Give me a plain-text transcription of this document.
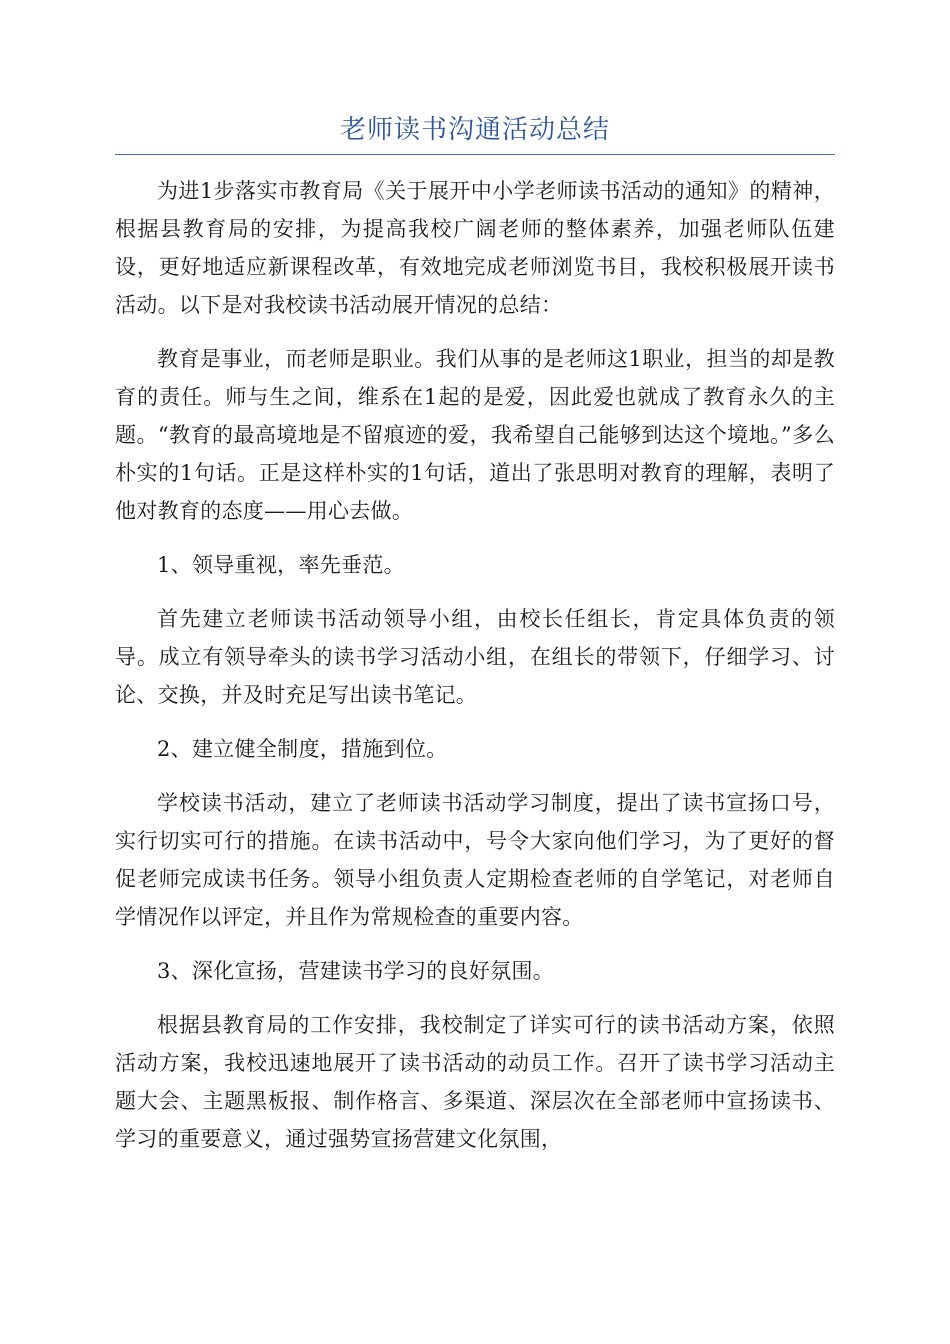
老师读书沟通活动总结

为进1步落实市教育局《关于展开中小学老师读书活动的通知》的精神，根据县教育局的安排，为提高我校广阔老师的整体素养，加强老师队伍建设，更好地适应新课程改革，有效地完成老师浏览书目，我校积极展开读书活动。以下是对我校读书活动展开情况的总结：

教育是事业，而老师是职业。我们从事的是老师这1职业，担当的却是教育的责任。师与生之间，维系在1起的是爱，因此爱也就成了教育永久的主题。“教育的最高境地是不留痕迹的爱，我希望自己能够到达这个境地。”多么朴实的1句话。正是这样朴实的1句话，道出了张思明对教育的理解，表明了他对教育的态度——用心去做。

1、领导重视，率先垂范。

首先建立老师读书活动领导小组，由校长任组长，肯定具体负责的领导。成立有领导牵头的读书学习活动小组，在组长的带领下，仔细学习、讨论、交换，并及时充足写出读书笔记。

2、建立健全制度，措施到位。

学校读书活动，建立了老师读书活动学习制度，提出了读书宣扬口号，实行切实可行的措施。在读书活动中，号令大家向他们学习，为了更好的督促老师完成读书任务。领导小组负责人定期检查老师的自学笔记，对老师自学情况作以评定，并且作为常规检查的重要内容。

3、深化宣扬，营建读书学习的良好氛围。

根据县教育局的工作安排，我校制定了详实可行的读书活动方案，依照活动方案，我校迅速地展开了读书活动的动员工作。召开了读书学习活动主题大会、主题黑板报、制作格言、多渠道、深层次在全部老师中宣扬读书、学习的重要意义，通过强势宣扬营建文化氛围，
